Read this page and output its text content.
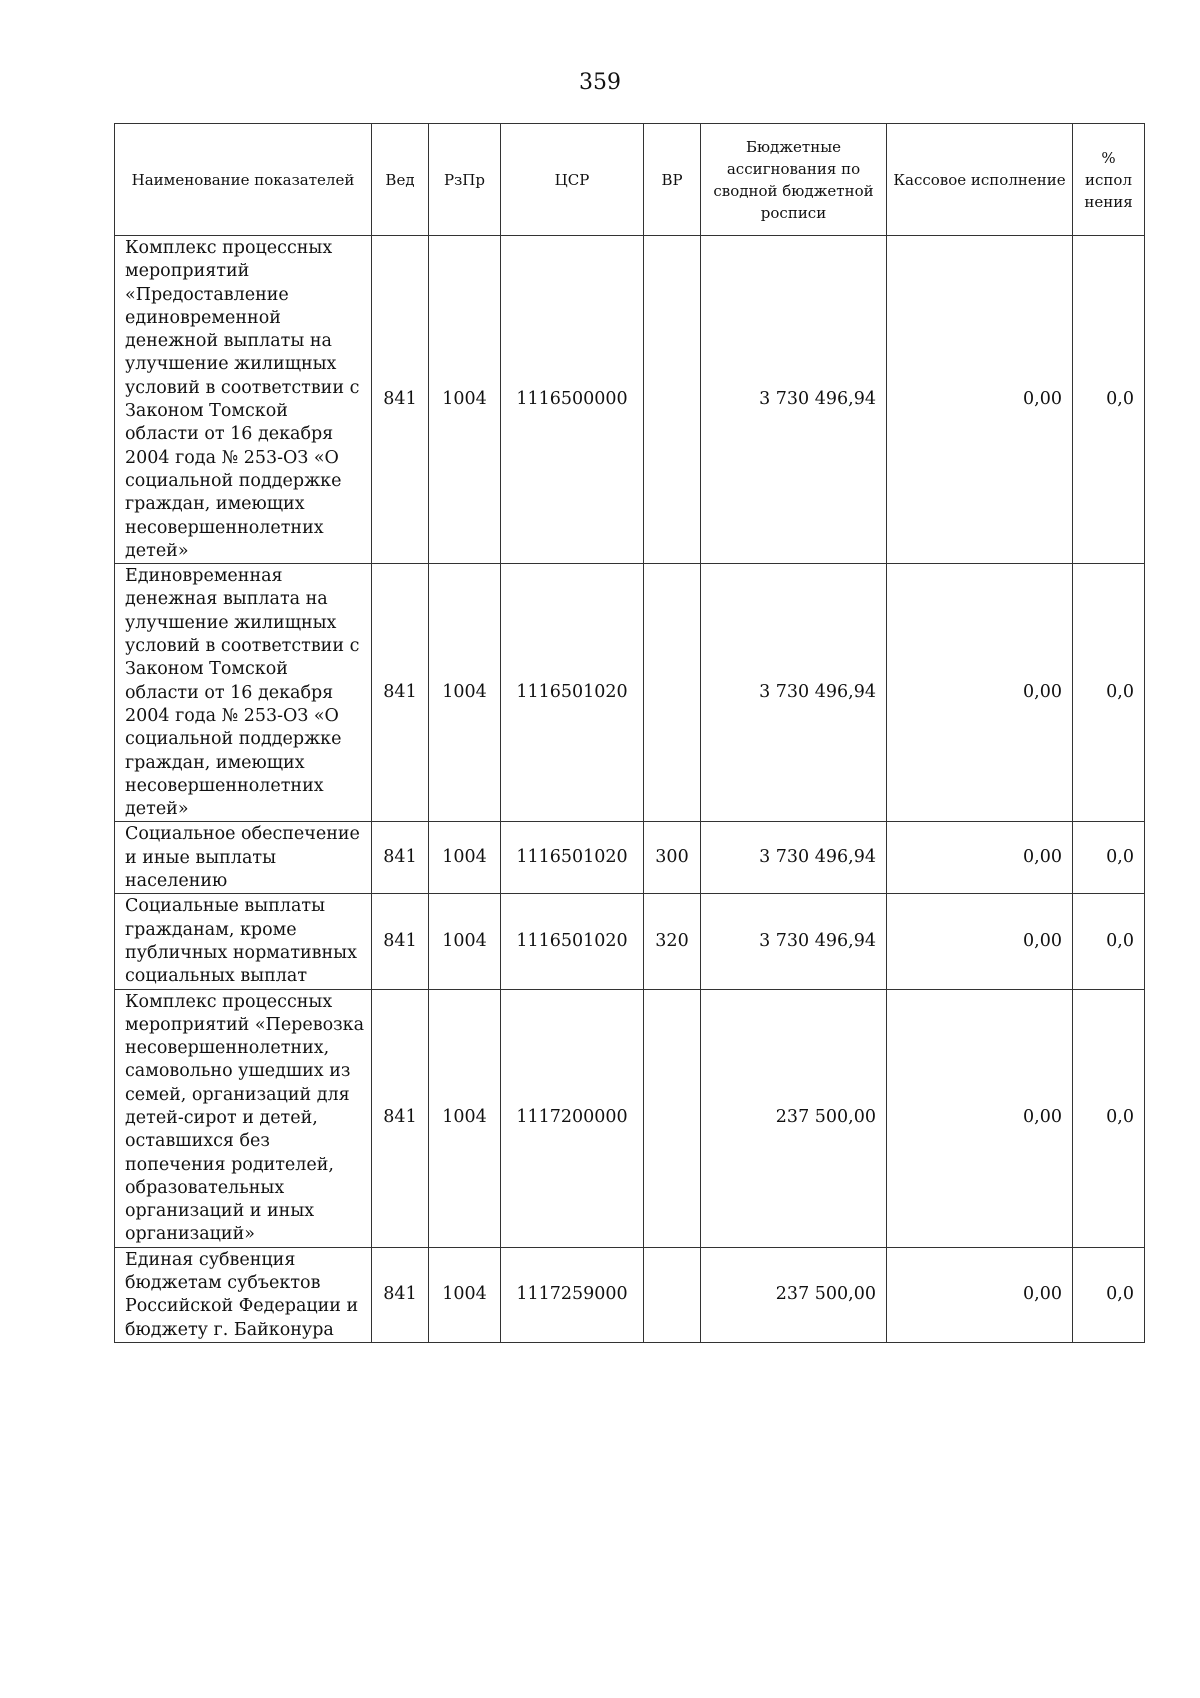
359
Наименование показателей	Вед	РзПр	ЦСР	ВР	Бюджетные ассигнования по сводной бюджетной росписи	Кассовое исполнение	% испол нения
Комплекс процессных мероприятий «Предоставление единовременной денежной выплаты на улучшение жилищных условий в соответствии с Законом Томской области от 16 декабря 2004 года № 253-ОЗ «О социальной поддержке граждан, имеющих несовершеннолетних детей»	841	1004	1116500000		3 730 496,94	0,00	0,0
Единовременная денежная выплата на улучшение жилищных условий в соответствии с Законом Томской области от 16 декабря 2004 года № 253-ОЗ «О социальной поддержке граждан, имеющих несовершеннолетних детей»	841	1004	1116501020		3 730 496,94	0,00	0,0
Социальное обеспечение и иные выплаты населению	841	1004	1116501020	300	3 730 496,94	0,00	0,0
Социальные выплаты гражданам, кроме публичных нормативных социальных выплат	841	1004	1116501020	320	3 730 496,94	0,00	0,0
Комплекс процессных мероприятий «Перевозка несовершеннолетних, самовольно ушедших из семей, организаций для детей-сирот и детей, оставшихся без попечения родителей, образовательных организаций и иных организаций»	841	1004	1117200000		237 500,00	0,00	0,0
Единая субвенция бюджетам субъектов Российской Федерации и бюджету г. Байконура	841	1004	1117259000		237 500,00	0,00	0,0
